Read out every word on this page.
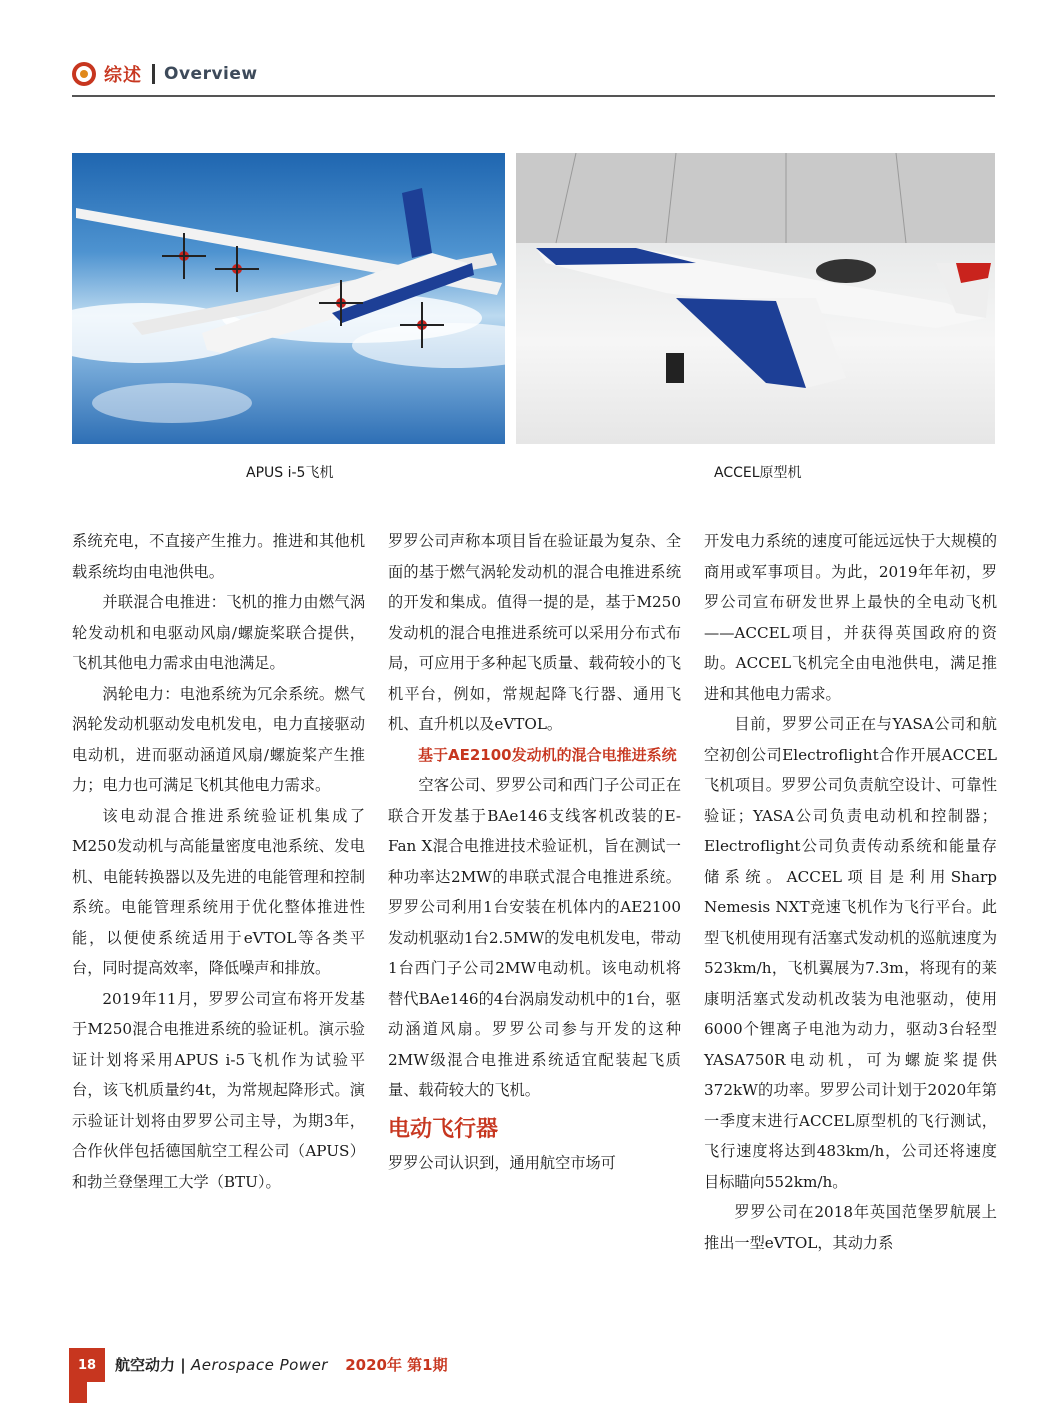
综述 Overview
APUS i-5飞机	ACCEL原型机

系统充电，不直接产生推力。推进和其他机载系统均由电池供电。

并联混合电推进：飞机的推力由燃气涡轮发动机和电驱动风扇/螺旋桨联合提供，飞机其他电力需求由电池满足。

涡轮电力：电池系统为冗余系统。燃气涡轮发动机驱动发电机发电，电力直接驱动电动机，进而驱动涵道风扇/螺旋桨产生推力；电力也可满足飞机其他电力需求。

该电动混合推进系统验证机集成了M250发动机与高能量密度电池系统、发电机、电能转换器以及先进的电能管理和控制系统。电能管理系统用于优化整体推进性能，以便使系统适用于eVTOL等各类平台，同时提高效率，降低噪声和排放。

2019年11月，罗罗公司宣布将开发基于M250混合电推进系统的验证机。演示验证计划将采用APUS i-5飞机作为试验平台，该飞机质量约4t，为常规起降形式。演示验证计划将由罗罗公司主导，为期3年，合作伙伴包括德国航空工程公司（APUS）和勃兰登堡理工大学（BTU）。

罗罗公司声称本项目旨在验证最为复杂、全面的基于燃气涡轮发动机的混合电推进系统的开发和集成。值得一提的是，基于M250发动机的混合电推进系统可以采用分布式布局，可应用于多种起飞质量、载荷较小的飞机平台，例如，常规起降飞行器、通用飞机、直升机以及eVTOL。

基于AE2100发动机的混合电推进系统

空客公司、罗罗公司和西门子公司正在联合开发基于BAe146支线客机改装的E-Fan X混合电推进技术验证机，旨在测试一种功率达2MW的串联式混合电推进系统。罗罗公司利用1台安装在机体内的AE2100发动机驱动1台2.5MW的发电机发电，带动1台西门子公司2MW电动机。该电动机将替代BAe146的4台涡扇发动机中的1台，驱动涵道风扇。罗罗公司参与开发的这种2MW级混合电推进系统适宜配装起飞质量、载荷较大的飞机。

电动飞行器

罗罗公司认识到，通用航空市场可

开发电力系统的速度可能远远快于大规模的商用或军事项目。为此，2019年年初，罗罗公司宣布研发世界上最快的全电动飞机——ACCEL项目，并获得英国政府的资助。ACCEL飞机完全由电池供电，满足推进和其他电力需求。

目前，罗罗公司正在与YASA公司和航空初创公司Electroflight合作开展ACCEL飞机项目。罗罗公司负责航空设计、可靠性验证；YASA公司负责电动机和控制器；Electroflight公司负责传动系统和能量存储系统。ACCEL项目是利用Sharp Nemesis NXT竞速飞机作为飞行平台。此型飞机使用现有活塞式发动机的巡航速度为523km/h，飞机翼展为7.3m，将现有的莱康明活塞式发动机改装为电池驱动，使用6000个锂离子电池为动力，驱动3台轻型YASA750R电动机，可为螺旋桨提供372kW的功率。罗罗公司计划于2020年第一季度末进行ACCEL原型机的飞行测试，飞行速度将达到483km/h，公司还将速度目标瞄向552km/h。

罗罗公司在2018年英国范堡罗航展上推出一型eVTOL，其动力系

18	航空动力 | Aerospace Power 2020年 第1期
